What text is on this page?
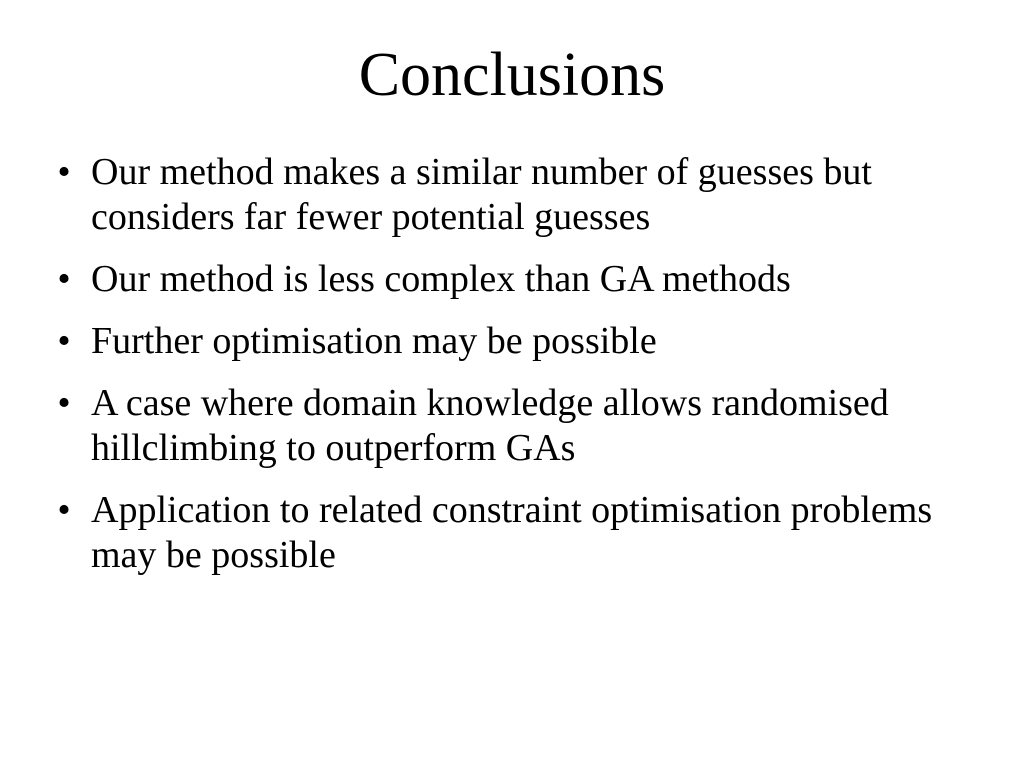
Conclusions
• Our method makes a similar number of guesses but considers far fewer potential guesses
• Our method is less complex than GA methods
• Further optimisation may be possible
• A case where domain knowledge allows randomised hillclimbing to outperform GAs
• Application to related constraint optimisation problems may be possible
